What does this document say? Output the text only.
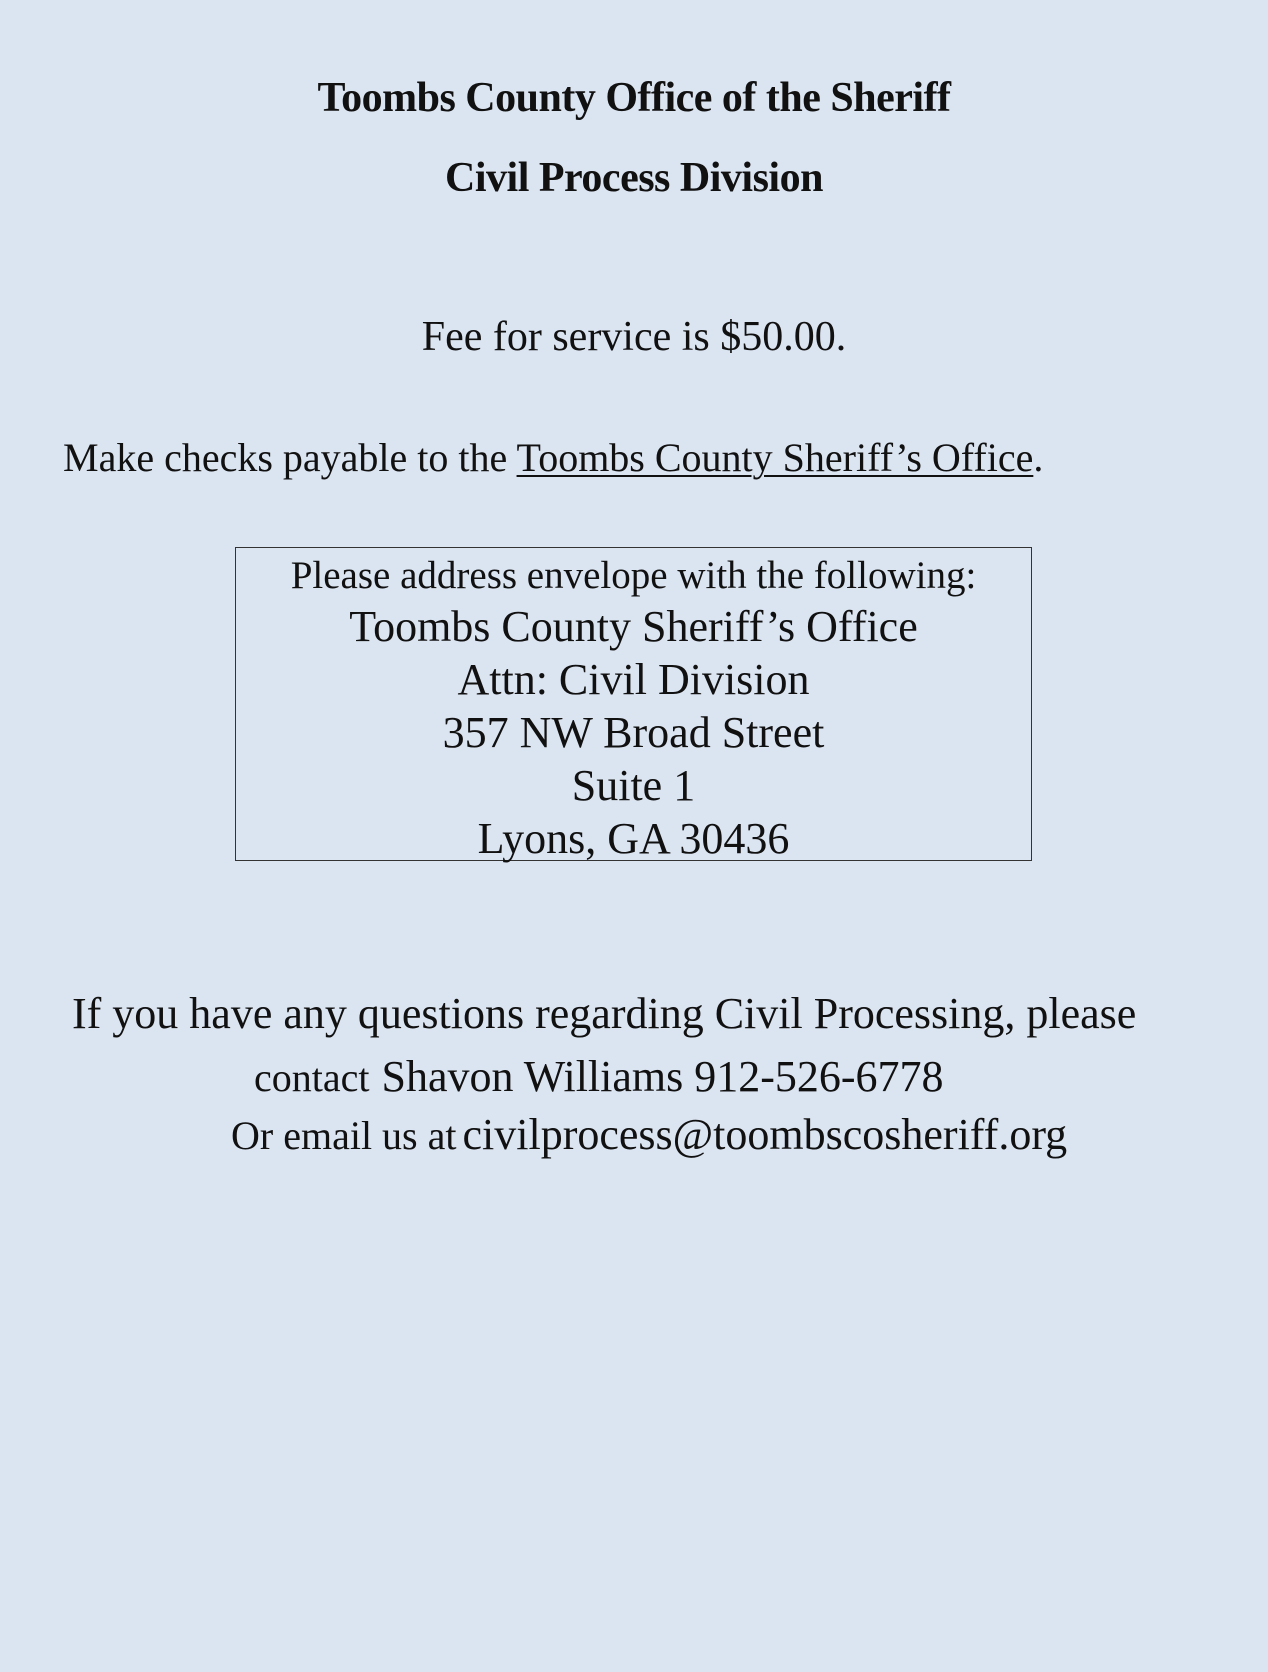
Toombs County Office of the Sheriff
Civil Process Division
Fee for service is $50.00.
Make checks payable to the Toombs County Sheriff’s Office.
Please address envelope with the following:
Toombs County Sheriff’s Office
Attn: Civil Division
357 NW Broad Street
Suite 1
Lyons, GA 30436
If you have any questions regarding Civil Processing, please
contact Shavon Williams 912-526-6778
Or email us at civilprocess@toombscosheriff.org
